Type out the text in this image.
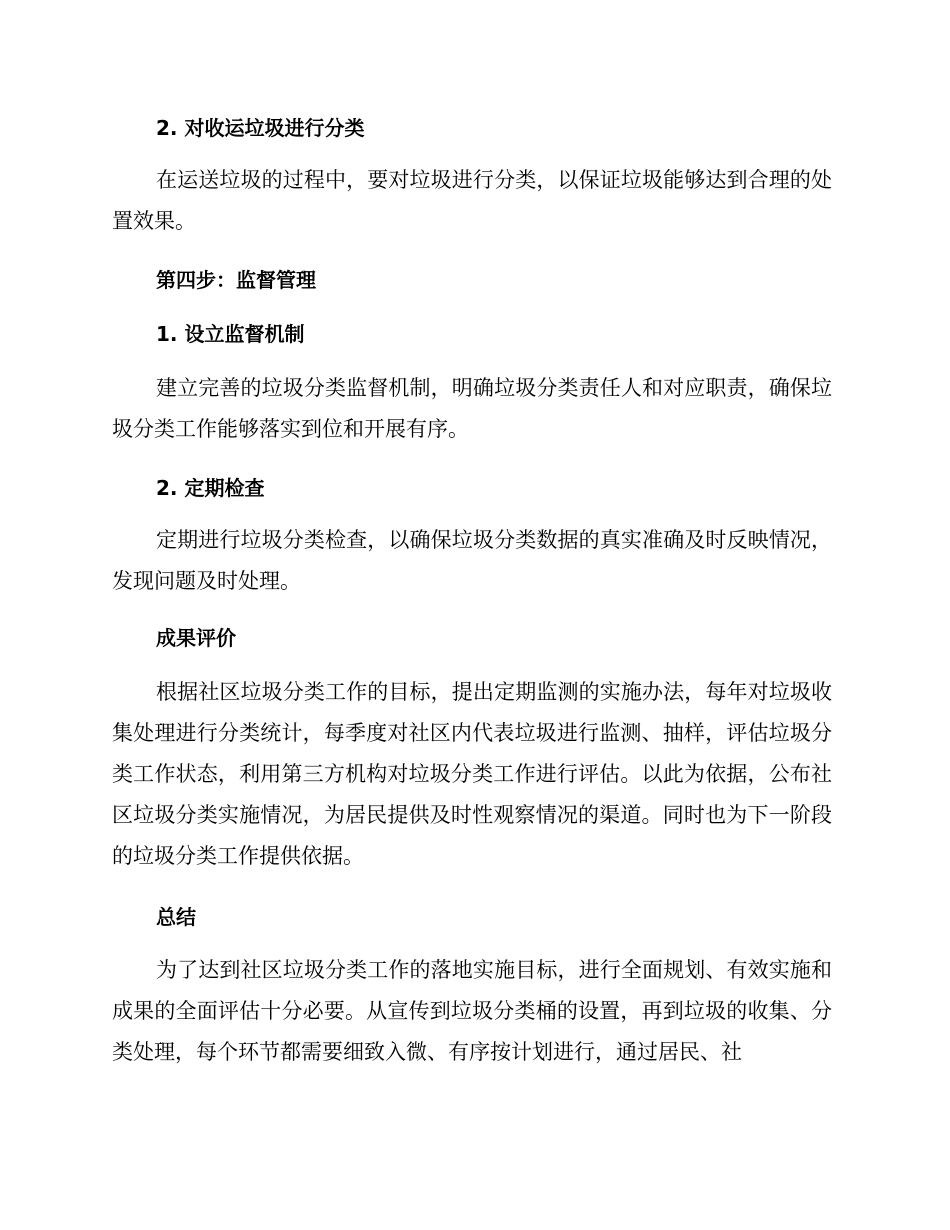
2. 对收运垃圾进行分类
在运送垃圾的过程中，要对垃圾进行分类，以保证垃圾能够达到合理的处置效果。
第四步：监督管理
1. 设立监督机制
建立完善的垃圾分类监督机制，明确垃圾分类责任人和对应职责，确保垃圾分类工作能够落实到位和开展有序。
2. 定期检查
定期进行垃圾分类检查，以确保垃圾分类数据的真实准确及时反映情况，发现问题及时处理。
成果评价
根据社区垃圾分类工作的目标，提出定期监测的实施办法，每年对垃圾收集处理进行分类统计，每季度对社区内代表垃圾进行监测、抽样，评估垃圾分类工作状态，利用第三方机构对垃圾分类工作进行评估。以此为依据，公布社区垃圾分类实施情况，为居民提供及时性观察情况的渠道。同时也为下一阶段的垃圾分类工作提供依据。
总结
为了达到社区垃圾分类工作的落地实施目标，进行全面规划、有效实施和成果的全面评估十分必要。从宣传到垃圾分类桶的设置，再到垃圾的收集、分类处理，每个环节都需要细致入微、有序按计划进行，通过居民、社
